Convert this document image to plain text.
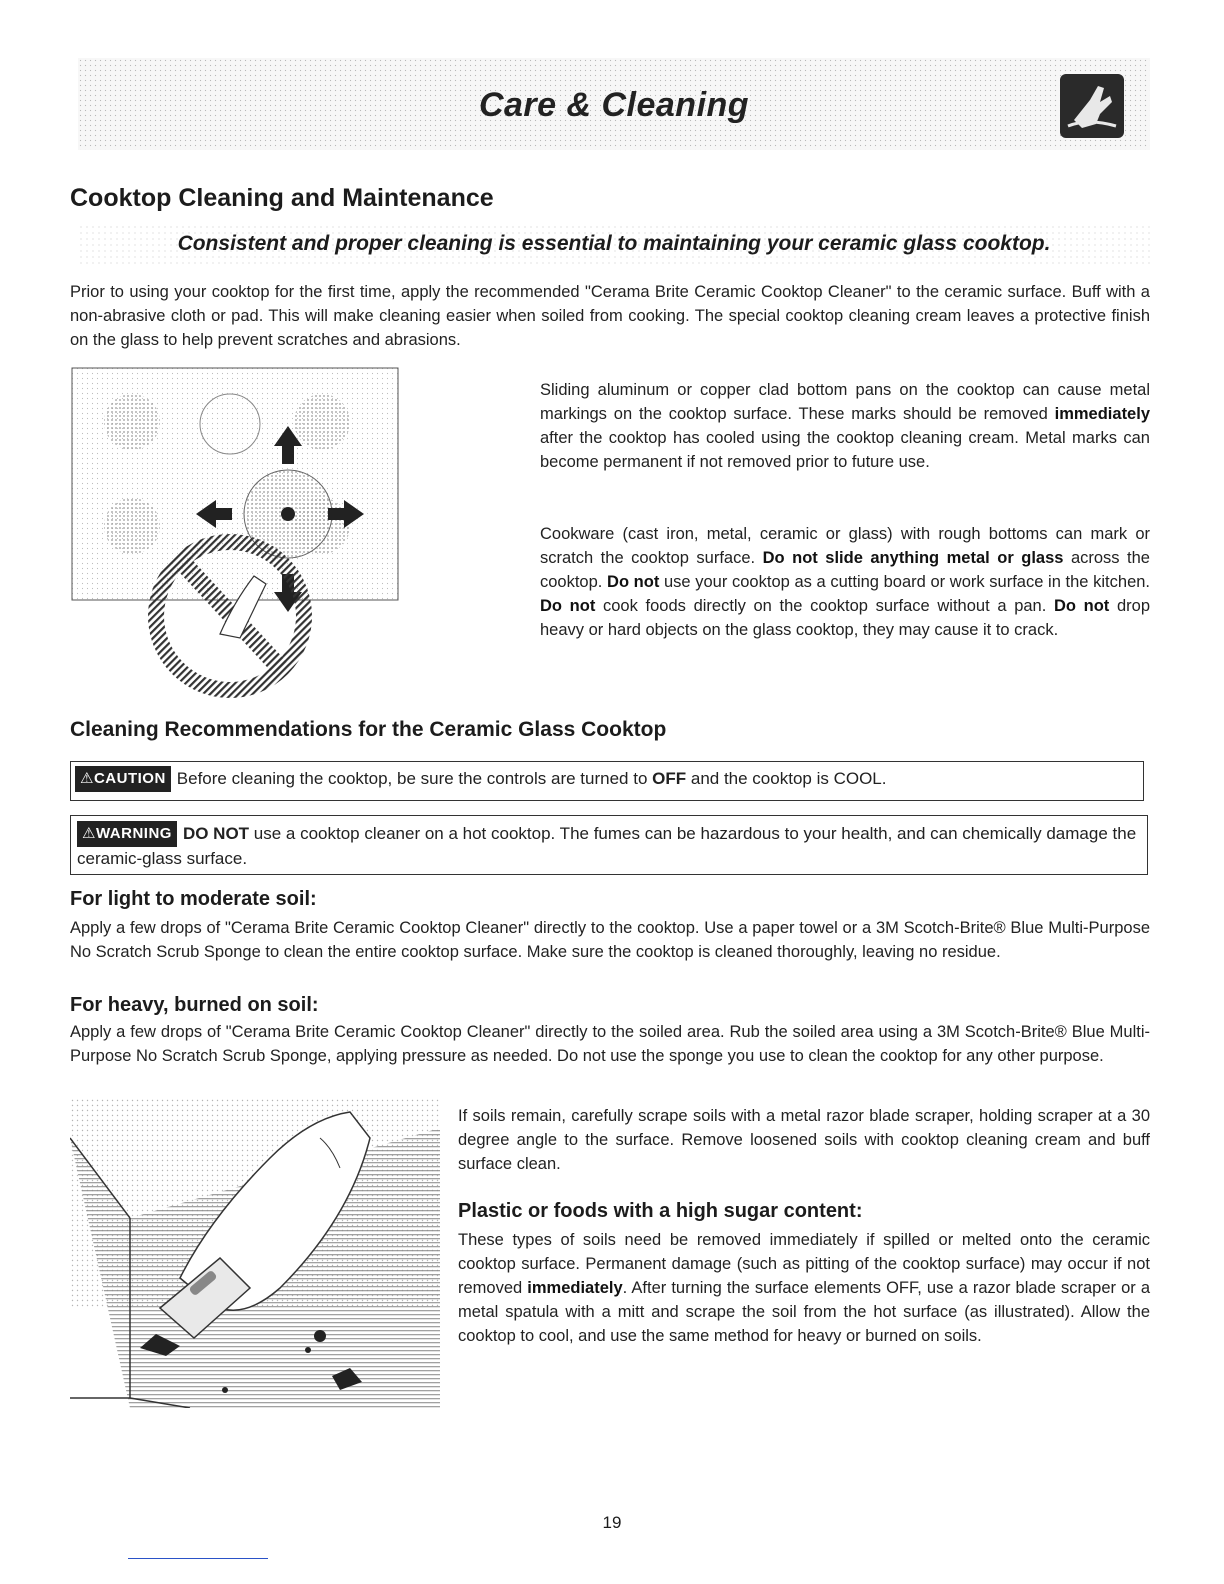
Care & Cleaning
Cooktop Cleaning and Maintenance
Consistent and proper cleaning is essential to maintaining your ceramic glass cooktop.
Prior to using your cooktop for the first time, apply the recommended "Cerama Brite Ceramic Cooktop Cleaner" to the ceramic surface. Buff with a non-abrasive cloth or pad. This will make cleaning easier when soiled from cooking. The special cooktop cleaning cream leaves a protective finish on the glass to help prevent scratches and abrasions.
Sliding aluminum or copper clad bottom pans on the cooktop can cause metal markings on the cooktop surface. These marks should be removed immediately after the cooktop has cooled using the cooktop cleaning cream. Metal marks can become permanent if not removed prior to future use.
Cookware (cast iron, metal, ceramic or glass) with rough bottoms can mark or scratch the cooktop surface. Do not slide anything metal or glass across the cooktop. Do not use your cooktop as a cutting board or work surface in the kitchen. Do not cook foods directly on the cooktop surface without a pan. Do not drop heavy or hard objects on the glass cooktop, they may cause it to crack.
Cleaning Recommendations for the Ceramic Glass Cooktop
⚠CAUTION Before cleaning the cooktop, be sure the controls are turned to OFF and the cooktop is COOL.
⚠WARNING DO NOT use a cooktop cleaner on a hot cooktop. The fumes can be hazardous to your health, and can chemically damage the ceramic-glass surface.
For light to moderate soil:
Apply a few drops of "Cerama Brite Ceramic Cooktop Cleaner" directly to the cooktop. Use a paper towel or a 3M Scotch-Brite® Blue Multi-Purpose No Scratch Scrub Sponge to clean the entire cooktop surface. Make sure the cooktop is cleaned thoroughly, leaving no residue.
For heavy, burned on soil:
Apply a few drops of "Cerama Brite Ceramic Cooktop Cleaner" directly to the soiled area. Rub the soiled area using a 3M Scotch-Brite® Blue Multi-Purpose No Scratch Scrub Sponge, applying pressure as needed. Do not use the sponge you use to clean the cooktop for any other purpose.
If soils remain, carefully scrape soils with a metal razor blade scraper, holding scraper at a 30 degree angle to the surface. Remove loosened soils with cooktop cleaning cream and buff surface clean.
Plastic or foods with a high sugar content:
These types of soils need be removed immediately if spilled or melted onto the ceramic cooktop surface. Permanent damage (such as pitting of the cooktop surface) may occur if not removed immediately. After turning the surface elements OFF, use a razor blade scraper or a metal spatula with a mitt and scrape the soil from the hot surface (as illustrated). Allow the cooktop to cool, and use the same method for heavy or burned on soils.
19
